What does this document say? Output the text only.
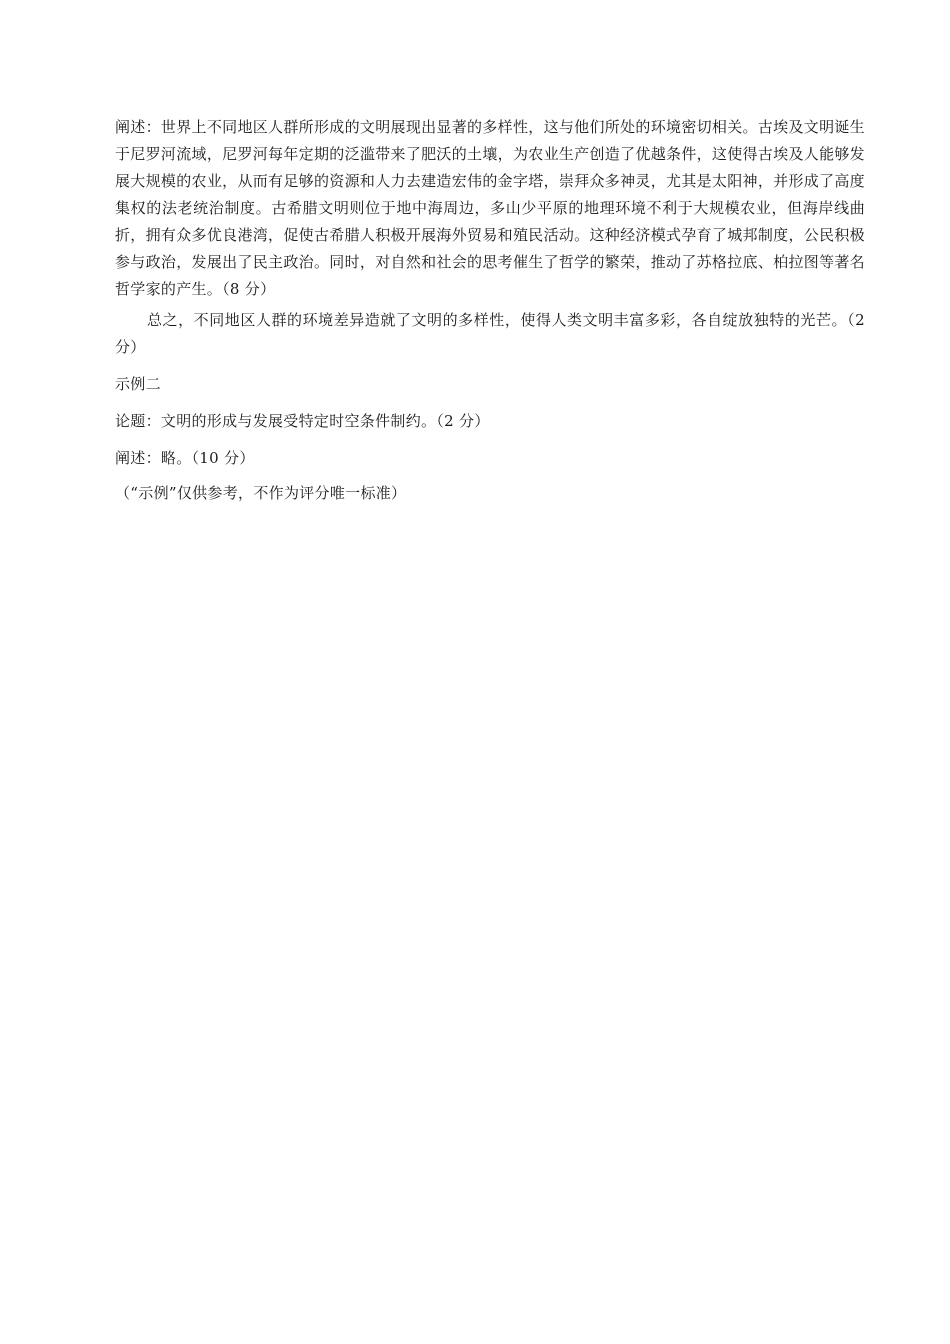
阐述：世界上不同地区人群所形成的文明展现出显著的多样性，这与他们所处的环境密切相关。古埃及文明诞生于尼罗河流域，尼罗河每年定期的泛滥带来了肥沃的土壤，为农业生产创造了优越条件，这使得古埃及人能够发展大规模的农业，从而有足够的资源和人力去建造宏伟的金字塔，崇拜众多神灵，尤其是太阳神，并形成了高度集权的法老统治制度。古希腊文明则位于地中海周边，多山少平原的地理环境不利于大规模农业，但海岸线曲折，拥有众多优良港湾，促使古希腊人积极开展海外贸易和殖民活动。这种经济模式孕育了城邦制度，公民积极参与政治，发展出了民主政治。同时，对自然和社会的思考催生了哲学的繁荣，推动了苏格拉底、柏拉图等著名哲学家的产生。（8 分）

总之，不同地区人群的环境差异造就了文明的多样性，使得人类文明丰富多彩，各自绽放独特的光芒。（2 分）

示例二

论题：文明的形成与发展受特定时空条件制约。（2 分）

阐述：略。（10 分）

（“示例”仅供参考，不作为评分唯一标准）
